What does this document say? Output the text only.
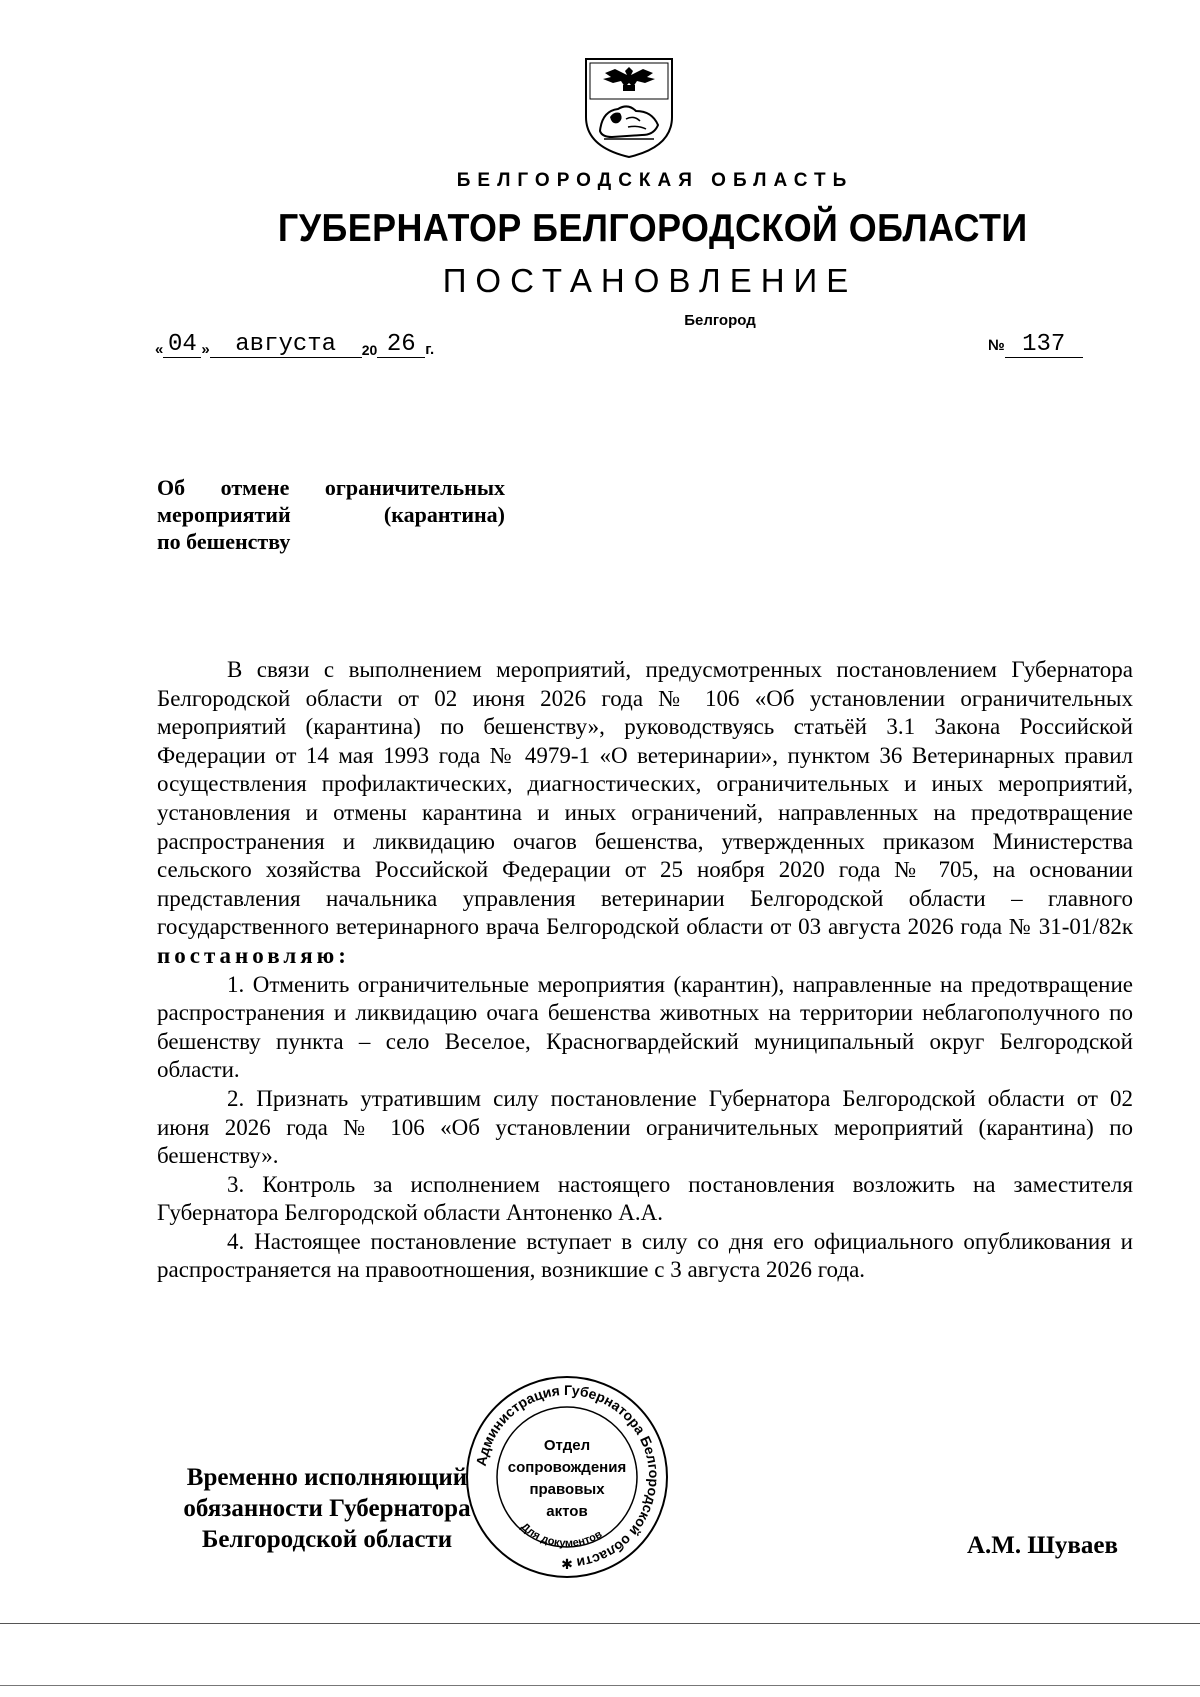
БЕЛГОРОДСКАЯ ОБЛАСТЬ
ГУБЕРНАТОР БЕЛГОРОДСКОЙ ОБЛАСТИ
ПОСТАНОВЛЕНИЕ
Белгород
« 04 » августа 20 26 г.	№ 137
Об отмене ограничительных
мероприятий (карантина)
по бешенству

В связи с выполнением мероприятий, предусмотренных постановлением Губернатора Белгородской области от 02 июня 2026 года № 106 «Об установлении ограничительных мероприятий (карантина) по бешенству», руководствуясь статьёй 3.1 Закона Российской Федерации от 14 мая 1993 года № 4979-1 «О ветеринарии», пунктом 36 Ветеринарных правил осуществления профилактических, диагностических, ограничительных и иных мероприятий, установления и отмены карантина и иных ограничений, направленных на предотвращение распространения и ликвидацию очагов бешенства, утвержденных приказом Министерства сельского хозяйства Российской Федерации от 25 ноября 2020 года № 705, на основании представления начальника управления ветеринарии Белгородской области – главного государственного ветеринарного врача Белгородской области от 03 августа 2026 года № 31-01/82к постановляю:

1. Отменить ограничительные мероприятия (карантин), направленные на предотвращение распространения и ликвидацию очага бешенства животных на территории неблагополучного по бешенству пункта – село Веселое, Красногвардейский муниципальный округ Белгородской области.

2. Признать утратившим силу постановление Губернатора Белгородской области от 02 июня 2026 года № 106 «Об установлении ограничительных мероприятий (карантина) по бешенству».

3. Контроль за исполнением настоящего постановления возложить на заместителя Губернатора Белгородской области Антоненко А.А.

4. Настоящее постановление вступает в силу со дня его официального опубликования и распространяется на правоотношения, возникшие с 3 августа 2026 года.

Временно исполняющий
обязанности Губернатора
Белгородской области	А.М. Шуваев
Администрация Губернатора Белгородской области
Отдел
сопровождения
правовых
актов
Для документов
✱
